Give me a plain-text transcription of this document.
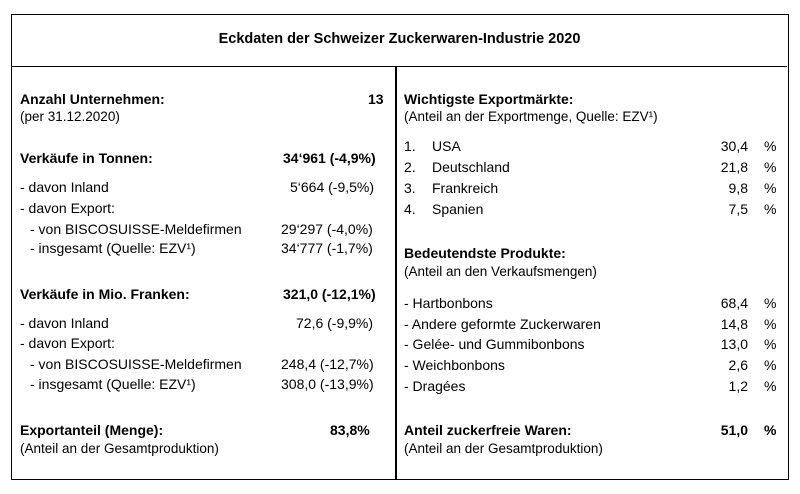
Eckdaten der Schweizer Zuckerwaren-Industrie 2020
Anzahl Unternehmen:	13
(per 31.12.2020)
Verkäufe in Tonnen:	34‘961 (-4,9%)
- davon Inland	5‘664 (-9,5%)
- davon Export:
- von BISCOSUISSE-Meldefirmen	29‘297 (-4,0%)
- insgesamt (Quelle: EZV¹)	34‘777 (-1,7%)
Verkäufe in Mio. Franken:	321,0 (-12,1%)
- davon Inland	72,6 (-9,9%)
- davon Export:
- von BISCOSUISSE-Meldefirmen	248,4 (-12,7%)
- insgesamt (Quelle: EZV¹)	308,0 (-13,9%)
Exportanteil (Menge):	83,8%
(Anteil an der Gesamtproduktion)
Wichtigste Exportmärkte:
(Anteil an der Exportmenge, Quelle: EZV¹)
1. USA	30,4 %
2. Deutschland	21,8 %
3. Frankreich	9,8 %
4. Spanien	7,5 %
Bedeutendste Produkte:
(Anteil an den Verkaufsmengen)
- Hartbonbons	68,4 %
- Andere geformte Zuckerwaren	14,8 %
- Gelée- und Gummibonbons	13,0 %
- Weichbonbons	2,6 %
- Dragées	1,2 %
Anteil zuckerfreie Waren:	51,0 %
(Anteil an der Gesamtproduktion)
